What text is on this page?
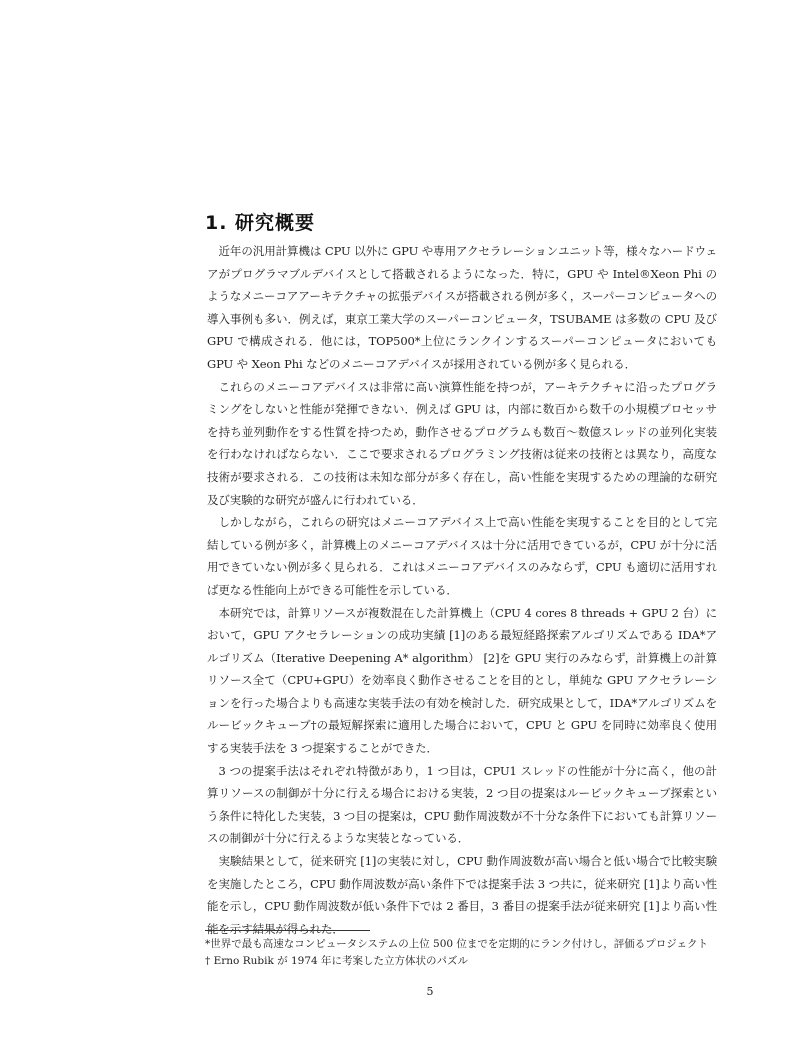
1. 研究概要

近年の汎用計算機は CPU 以外に GPU や専用アクセラレーションユニット等，様々なハードウェアがプログラマブルデバイスとして搭載されるようになった．特に，GPU や Intel®Xeon Phi のようなメニーコアアーキテクチャの拡張デバイスが搭載される例が多く，スーパーコンピュータへの導入事例も多い．例えば，東京工業大学のスーパーコンピュータ，TSUBAME は多数の CPU 及び GPU で構成される．他には，TOP500*上位にランクインするスーパーコンピュータにおいても GPU や Xeon Phi などのメニーコアデバイスが採用されている例が多く見られる．

これらのメニーコアデバイスは非常に高い演算性能を持つが，アーキテクチャに沿ったプログラミングをしないと性能が発揮できない．例えば GPU は，内部に数百から数千の小規模プロセッサを持ち並列動作をする性質を持つため，動作させるプログラムも数百～数億スレッドの並列化実装を行わなければならない．ここで要求されるプログラミング技術は従来の技術とは異なり，高度な技術が要求される．この技術は未知な部分が多く存在し，高い性能を実現するための理論的な研究及び実験的な研究が盛んに行われている．

しかしながら，これらの研究はメニーコアデバイス上で高い性能を実現することを目的として完結している例が多く，計算機上のメニーコアデバイスは十分に活用できているが，CPU が十分に活用できていない例が多く見られる．これはメニーコアデバイスのみならず，CPU も適切に活用すれば更なる性能向上ができる可能性を示している．

本研究では，計算リソースが複数混在した計算機上（CPU 4 cores 8 threads + GPU 2 台）において，GPU アクセラレーションの成功実績 [1]のある最短経路探索アルゴリズムである IDA*アルゴリズム（Iterative Deepening A* algorithm） [2]を GPU 実行のみならず，計算機上の計算リソース全て（CPU+GPU）を効率良く動作させることを目的とし，単純な GPU アクセラレーションを行った場合よりも高速な実装手法の有効を検討した．研究成果として，IDA*アルゴリズムをルービックキューブ†の最短解探索に適用した場合において，CPU と GPU を同時に効率良く使用する実装手法を 3 つ提案することができた．

3 つの提案手法はそれぞれ特徴があり，1 つ目は，CPU1 スレッドの性能が十分に高く，他の計算リソースの制御が十分に行える場合における実装，2 つ目の提案はルービックキューブ探索という条件に特化した実装，3 つ目の提案は，CPU 動作周波数が不十分な条件下においても計算リソースの制御が十分に行えるような実装となっている．

実験結果として，従来研究 [1]の実装に対し，CPU 動作周波数が高い場合と低い場合で比較実験を実施したところ，CPU 動作周波数が高い条件下では提案手法 3 つ共に，従来研究 [1]より高い性能を示し，CPU 動作周波数が低い条件下では 2 番目，3 番目の提案手法が従来研究 [1]より高い性能を示す結果が得られた．

*世界で最も高速なコンピュータシステムの上位 500 位までを定期的にランク付けし，評価るプロジェクト
† Erno Rubik が 1974 年に考案した立方体状のパズル
5
